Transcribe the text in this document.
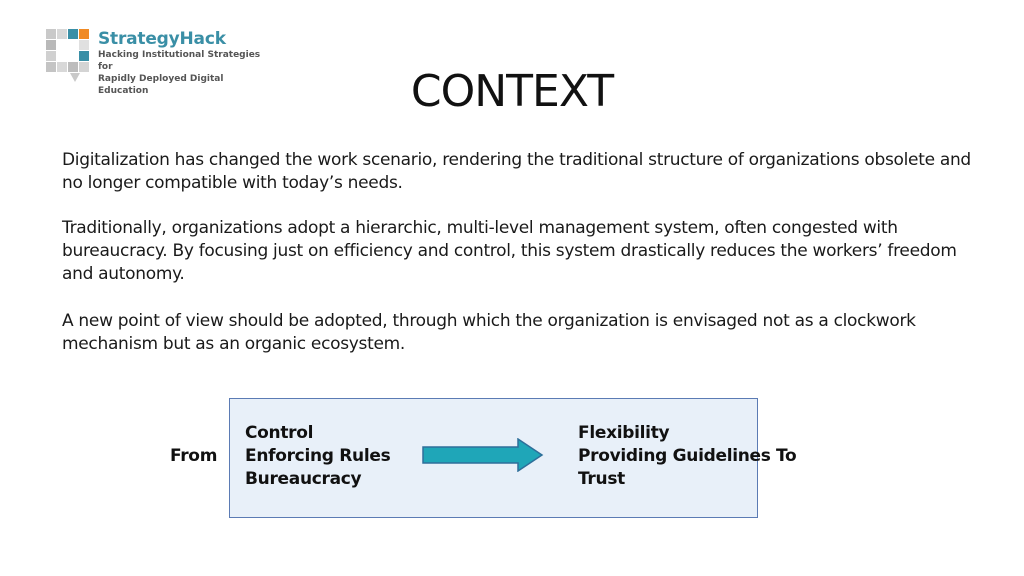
StrategyHack
Hacking Institutional Strategies for
Rapidly Deployed Digital Education	CONTEXT

Digitalization has changed the work scenario, rendering the traditional structure of organizations obsolete and no longer compatible with today’s needs.

Traditionally, organizations adopt a hierarchic, multi-level management system, often congested with bureaucracy. By focusing just on efficiency and control, this system drastically reduces the workers’ freedom and autonomy.

A new point of view should be adopted, through which the organization is envisaged not as a clockwork mechanism but as an organic ecosystem.

From
Control
Enforcing Rules
Bureaucracy
Flexibility
Providing Guidelines
Trust
To
